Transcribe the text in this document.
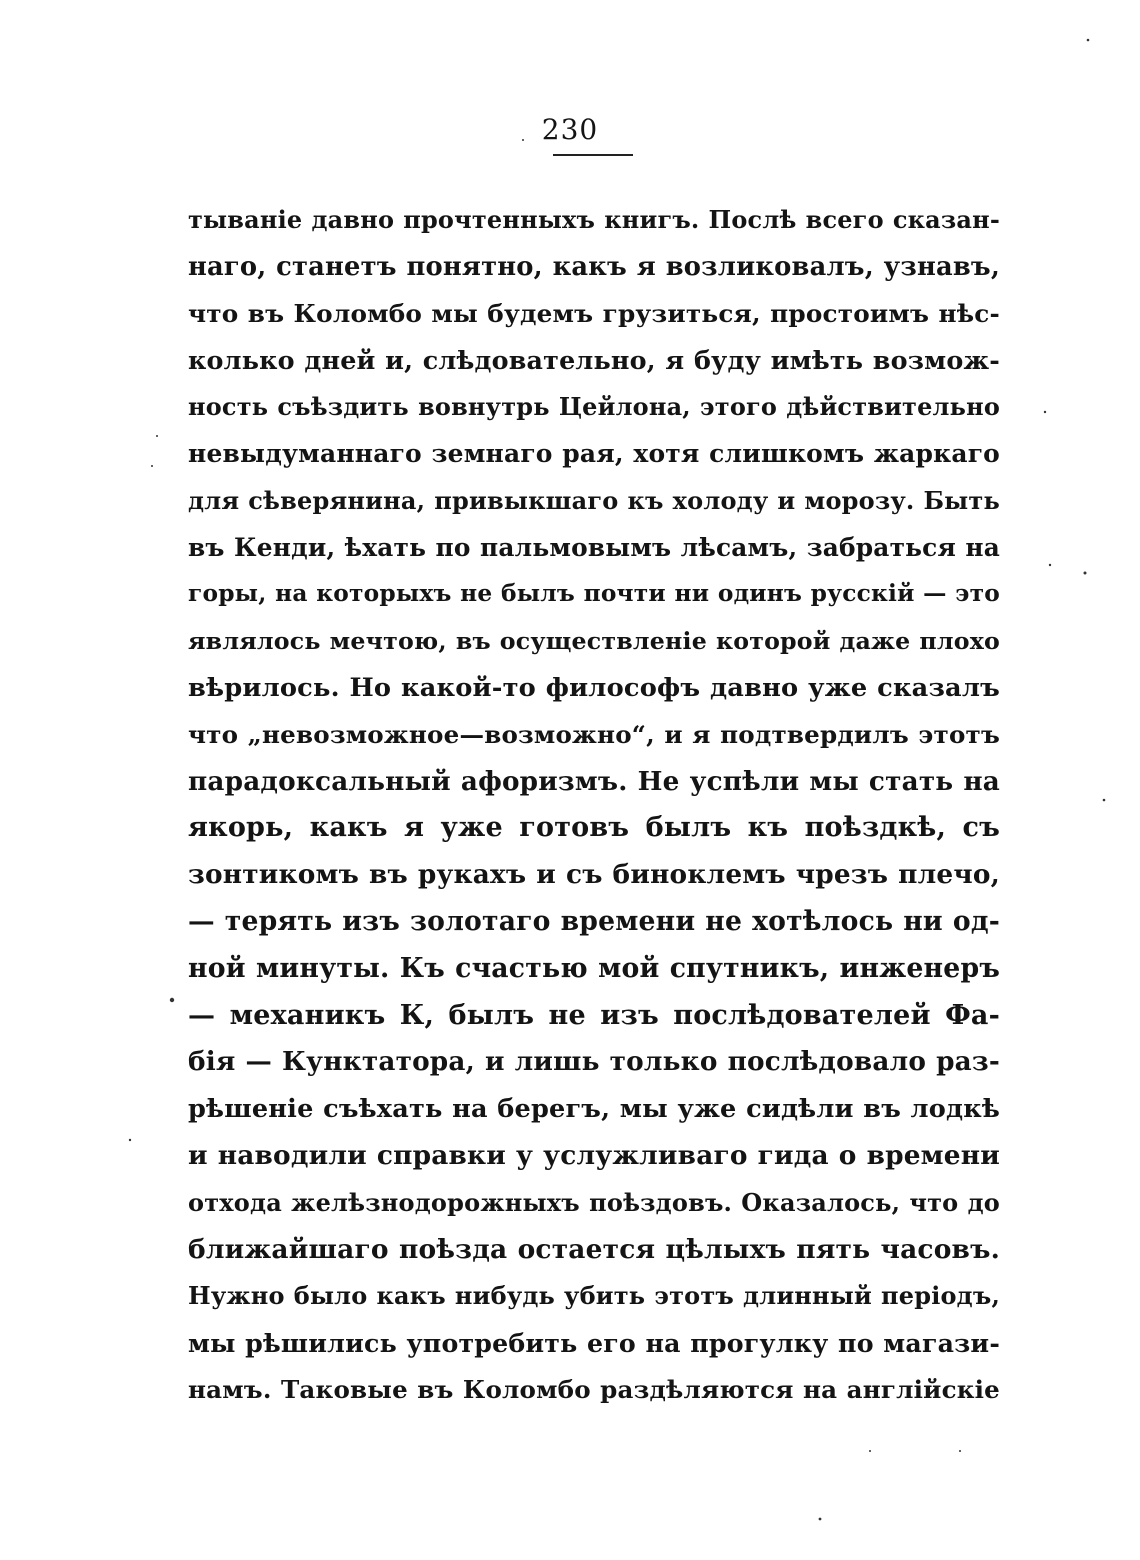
230
тываніе давно прочтенныхъ книгъ. Послѣ всего сказан-
наго, станетъ понятно, какъ я возликовалъ, узнавъ,
что въ Коломбо мы будемъ грузиться, простоимъ нѣс-
колько дней и, слѣдовательно, я буду имѣть возмож-
ность съѣздить вовнутрь Цейлона, этого дѣйствительно
невыдуманнаго земнаго рая, хотя слишкомъ жаркаго
для сѣверянина, привыкшаго къ холоду и морозу. Быть
въ Кенди, ѣхать по пальмовымъ лѣсамъ, забраться на
горы, на которыхъ не былъ почти ни одинъ русскій — это
являлось мечтою, въ осуществленіе которой даже плохо
вѣрилось. Но какой-то философъ давно уже сказалъ
что „невозможное—возможно“, и я подтвердилъ этотъ
парадоксальный афоризмъ. Не успѣли мы стать на
якорь, какъ я уже готовъ былъ къ поѣздкѣ, съ
зонтикомъ въ рукахъ и съ биноклемъ чрезъ плечо,
— терять изъ золотаго времени не хотѣлось ни од-
ной минуты. Къ счастью мой спутникъ, инженеръ
— механикъ К, былъ не изъ послѣдователей Фа-
бія — Кунктатора, и лишь только послѣдовало раз-
рѣшеніе съѣхать на берегъ, мы уже сидѣли въ лодкѣ
и наводили справки у услужливаго гида о времени
отхода желѣзнодорожныхъ поѣздовъ. Оказалось, что до
ближайшаго поѣзда остается цѣлыхъ пять часовъ.
Нужно было какъ нибудь убить этотъ длинный періодъ,
мы рѣшились употребить его на прогулку по магази-
намъ. Таковые въ Коломбо раздѣляются на англійскіе
